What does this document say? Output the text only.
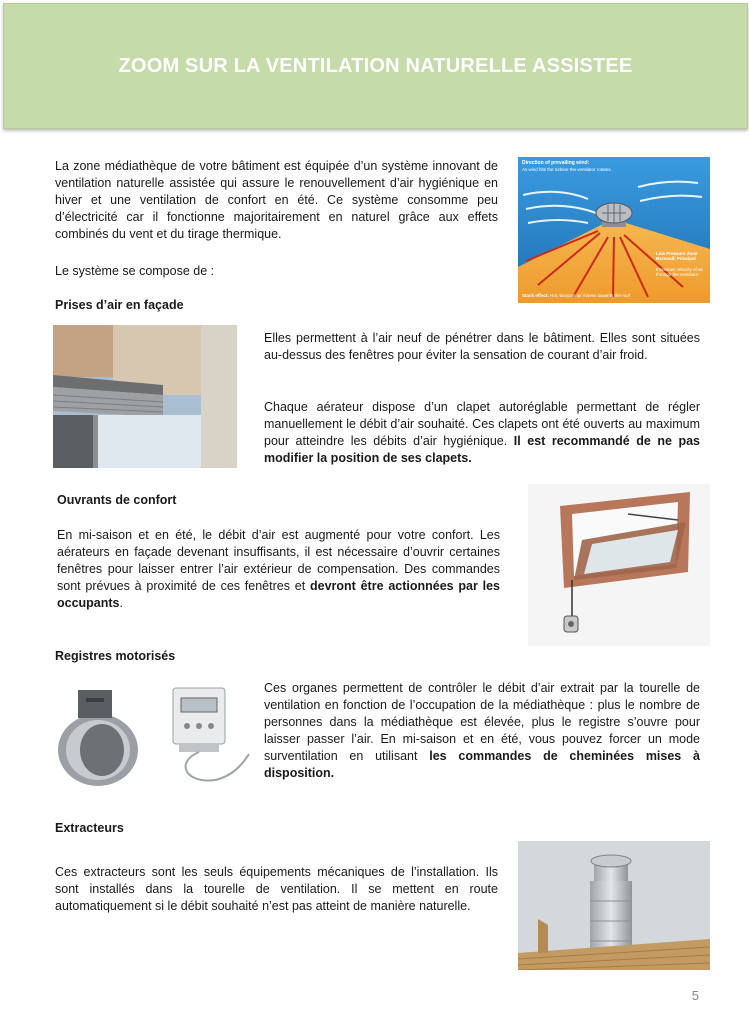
ZOOM SUR LA VENTILATION NATURELLE ASSISTEE

La zone médiathèque de votre bâtiment est équipée d’un système innovant de ventilation naturelle assistée qui assure le renouvellement d’air hygiénique en hiver et une ventilation de confort en été. Ce système consomme peu d’électricité car il fonctionne majoritairement en naturel grâce aux effets combinés du vent et du tirage thermique.

Le système se compose de :

Direction of prevailing wind:
As wind hits the turbine the ventilator rotates.
Low Pressure Zone Bernoulli Principal
Increases velocity of air through the ventilator
Stack effect: Hot, buoyant air moves towards the roof

Prises d’air en façade

Elles permettent à l’air neuf de pénétrer dans le bâtiment. Elles sont situées au-dessus des fenêtres pour éviter la sensation de courant d’air froid.

Chaque aérateur dispose d’un clapet autoréglable permettant de régler manuellement le débit d’air souhaité. Ces clapets ont été ouverts au maximum pour atteindre les débits d’air hygiénique. Il est recommandé de ne pas modifier la position de ses clapets.

Ouvrants de confort

En mi-saison et en été, le débit d’air est augmenté pour votre confort. Les aérateurs en façade devenant insuffisants, il est nécessaire d’ouvrir certaines fenêtres pour laisser entrer l’air extérieur de compensation. Des commandes sont prévues à proximité de ces fenêtres et devront être actionnées par les occupants.

Registres motorisés

Ces organes permettent de contrôler le débit d’air extrait par la tourelle de ventilation en fonction de l’occupation de la médiathèque : plus le nombre de personnes dans la médiathèque est élevée, plus le registre s’ouvre pour laisser passer l’air. En mi-saison et en été, vous pouvez forcer un mode surventilation en utilisant les commandes de cheminées mises à disposition.

Extracteurs

Ces extracteurs sont les seuls équipements mécaniques de l’installation. Ils sont installés dans la tourelle de ventilation. Il se mettent en route automatiquement si le débit souhaité n’est pas atteint de manière naturelle.

5
